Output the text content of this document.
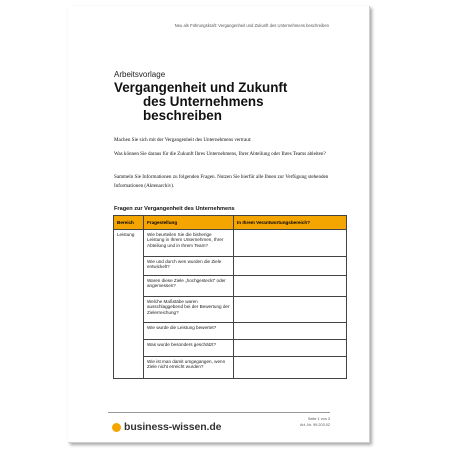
Neu als Führungskraft: Vergangenheit und Zukunft des Unternehmens beschreiben
Arbeitsvorlage
Vergangenheit und Zukunft
des Unternehmens
beschreiben
Machen Sie sich mit der Vergangenheit des Unternehmens vertraut:
Was können Sie daraus für die Zukunft Ihres Unternehmens, Ihrer Abteilung oder Ihres Teams ableiten?
Sammeln Sie Informationen zu folgenden Fragen. Nutzen Sie hierfür alle Ihnen zur Verfügung stehenden Informationen (Aktenarchiv).
Fragen zur Vergangenheit des Unternehmens
Bereich	Fragestellung	In Ihrem Verantwortungsbereich?
Leistung	Wie beurteilen Sie die bisherige Leistung in Ihrem Unternehmen, Ihrer Abteilung und in Ihrem Team?	
	Wie und durch wen wurden die Ziele entwickelt?	
	Waren diese Ziele „hochgesteckt“ oder angemessen?	
	Welche Maßstäbe waren ausschlaggebend bei der Bewertung der Zielerreichung?	
	Wie wurde die Leistung bewertet?	
	Was wurde besonders geschätzt?	
	Wie ist man damit umgegangen, wenn Ziele nicht erreicht wurden?	
business-wissen.de
Seite 1 von 3
Art.-Nr. 99.203.02
